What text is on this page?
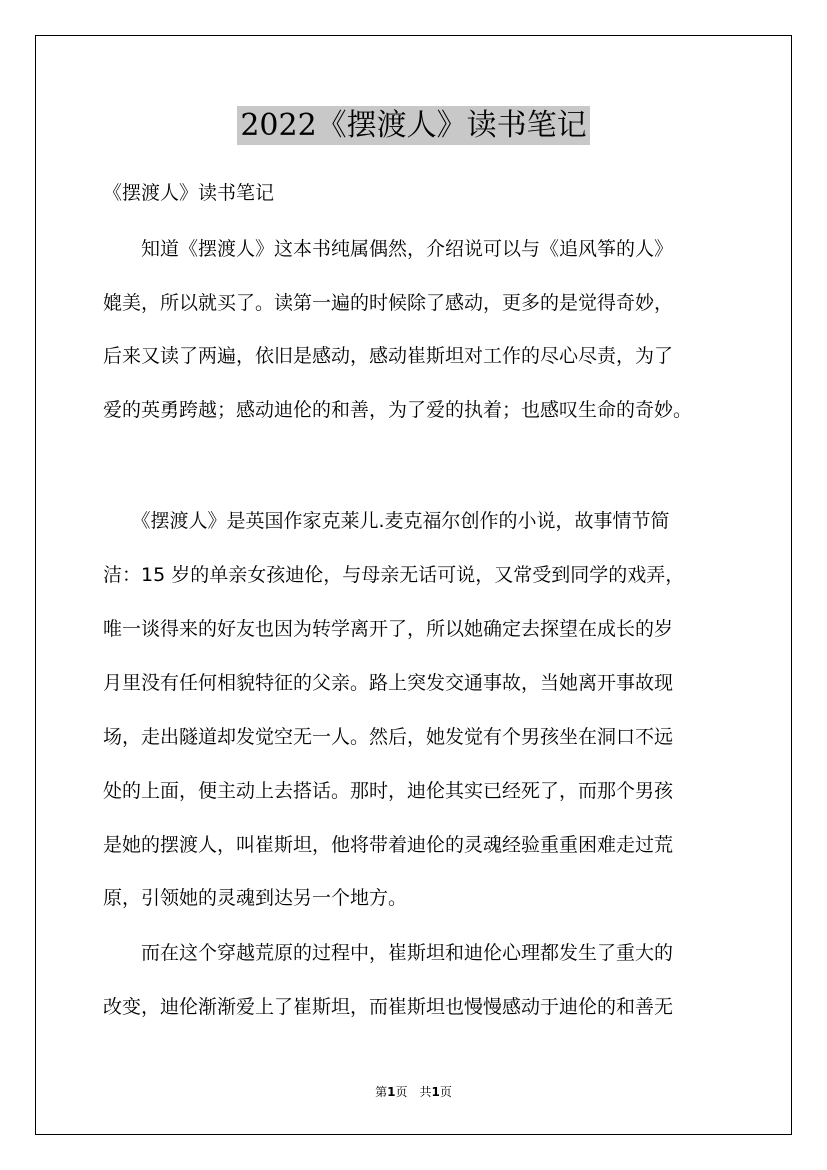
2022《摆渡人》读书笔记
《摆渡人》读书笔记
　　知道《摆渡人》这本书纯属偶然，介绍说可以与《追风筝的人》
媲美，所以就买了。读第一遍的时候除了感动，更多的是觉得奇妙，
后来又读了两遍，依旧是感动，感动崔斯坦对工作的尽心尽责，为了
爱的英勇跨越；感动迪伦的和善，为了爱的执着；也感叹生命的奇妙。
　　《摆渡人》是英国作家克莱儿.麦克福尔创作的小说，故事情节简
洁：15 岁的单亲女孩迪伦，与母亲无话可说，又常受到同学的戏弄，
唯一谈得来的好友也因为转学离开了，所以她确定去探望在成长的岁
月里没有任何相貌特征的父亲。路上突发交通事故，当她离开事故现
场，走出隧道却发觉空无一人。然后，她发觉有个男孩坐在洞口不远
处的上面，便主动上去搭话。那时，迪伦其实已经死了，而那个男孩
是她的摆渡人，叫崔斯坦，他将带着迪伦的灵魂经验重重困难走过荒
原，引领她的灵魂到达另一个地方。
　　而在这个穿越荒原的过程中，崔斯坦和迪伦心理都发生了重大的
改变，迪伦渐渐爱上了崔斯坦，而崔斯坦也慢慢感动于迪伦的和善无
第1页　共1页
